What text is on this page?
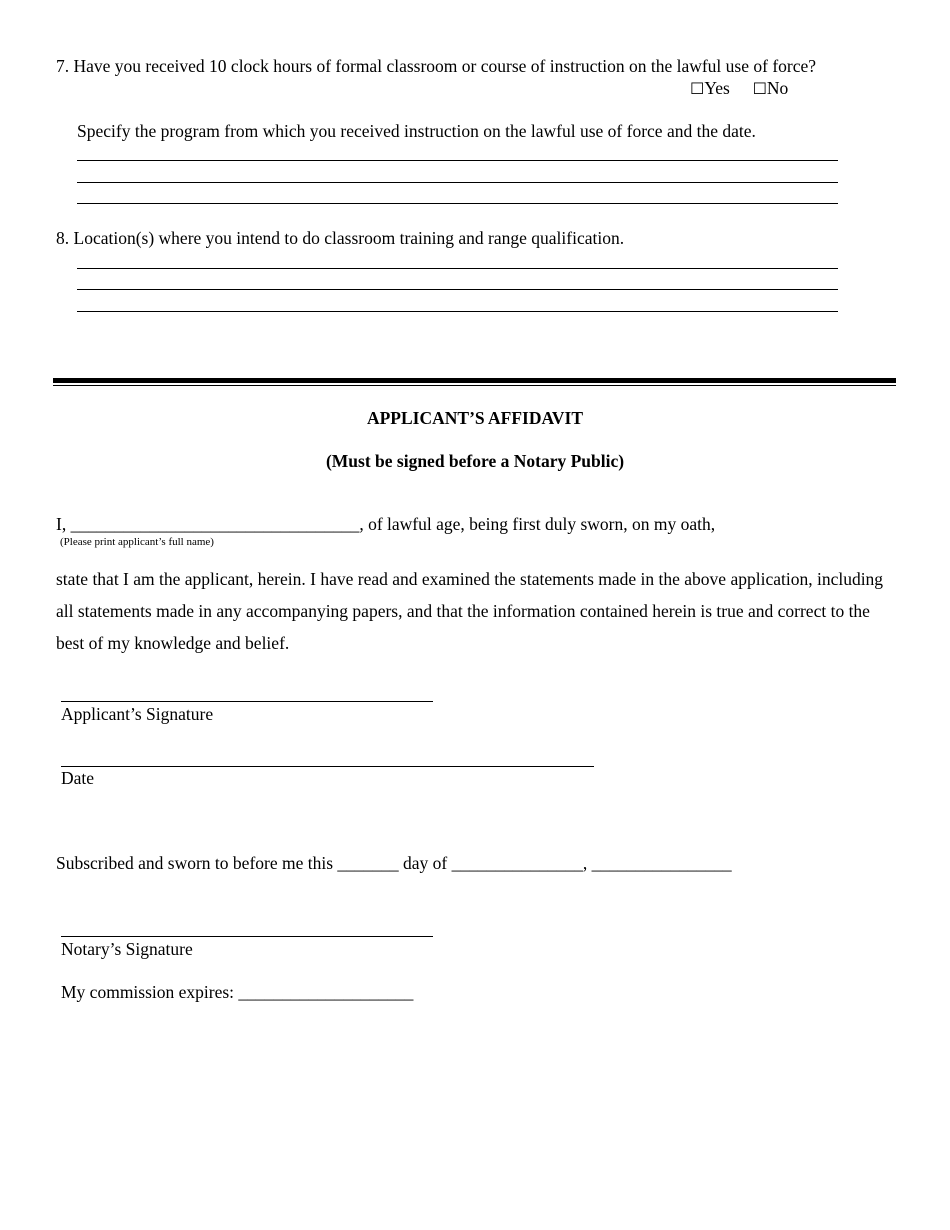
7. Have you received 10 clock hours of formal classroom or course of instruction on the lawful use of force?
☐Yes ☐No
Specify the program from which you received instruction on the lawful use of force and the date.
8. Location(s) where you intend to do classroom training and range qualification.
APPLICANT’S AFFIDAVIT
(Must be signed before a Notary Public)
I, _________________________________, of lawful age, being first duly sworn, on my oath,
(Please print applicant’s full name)
state that I am the applicant, herein. I have read and examined the statements made in the above application, including all statements made in any accompanying papers, and that the information contained herein is true and correct to the best of my knowledge and belief.
Applicant’s Signature
Date
Subscribed and sworn to before me this _______ day of _______________, ________________
Notary’s Signature
My commission expires: ____________________
